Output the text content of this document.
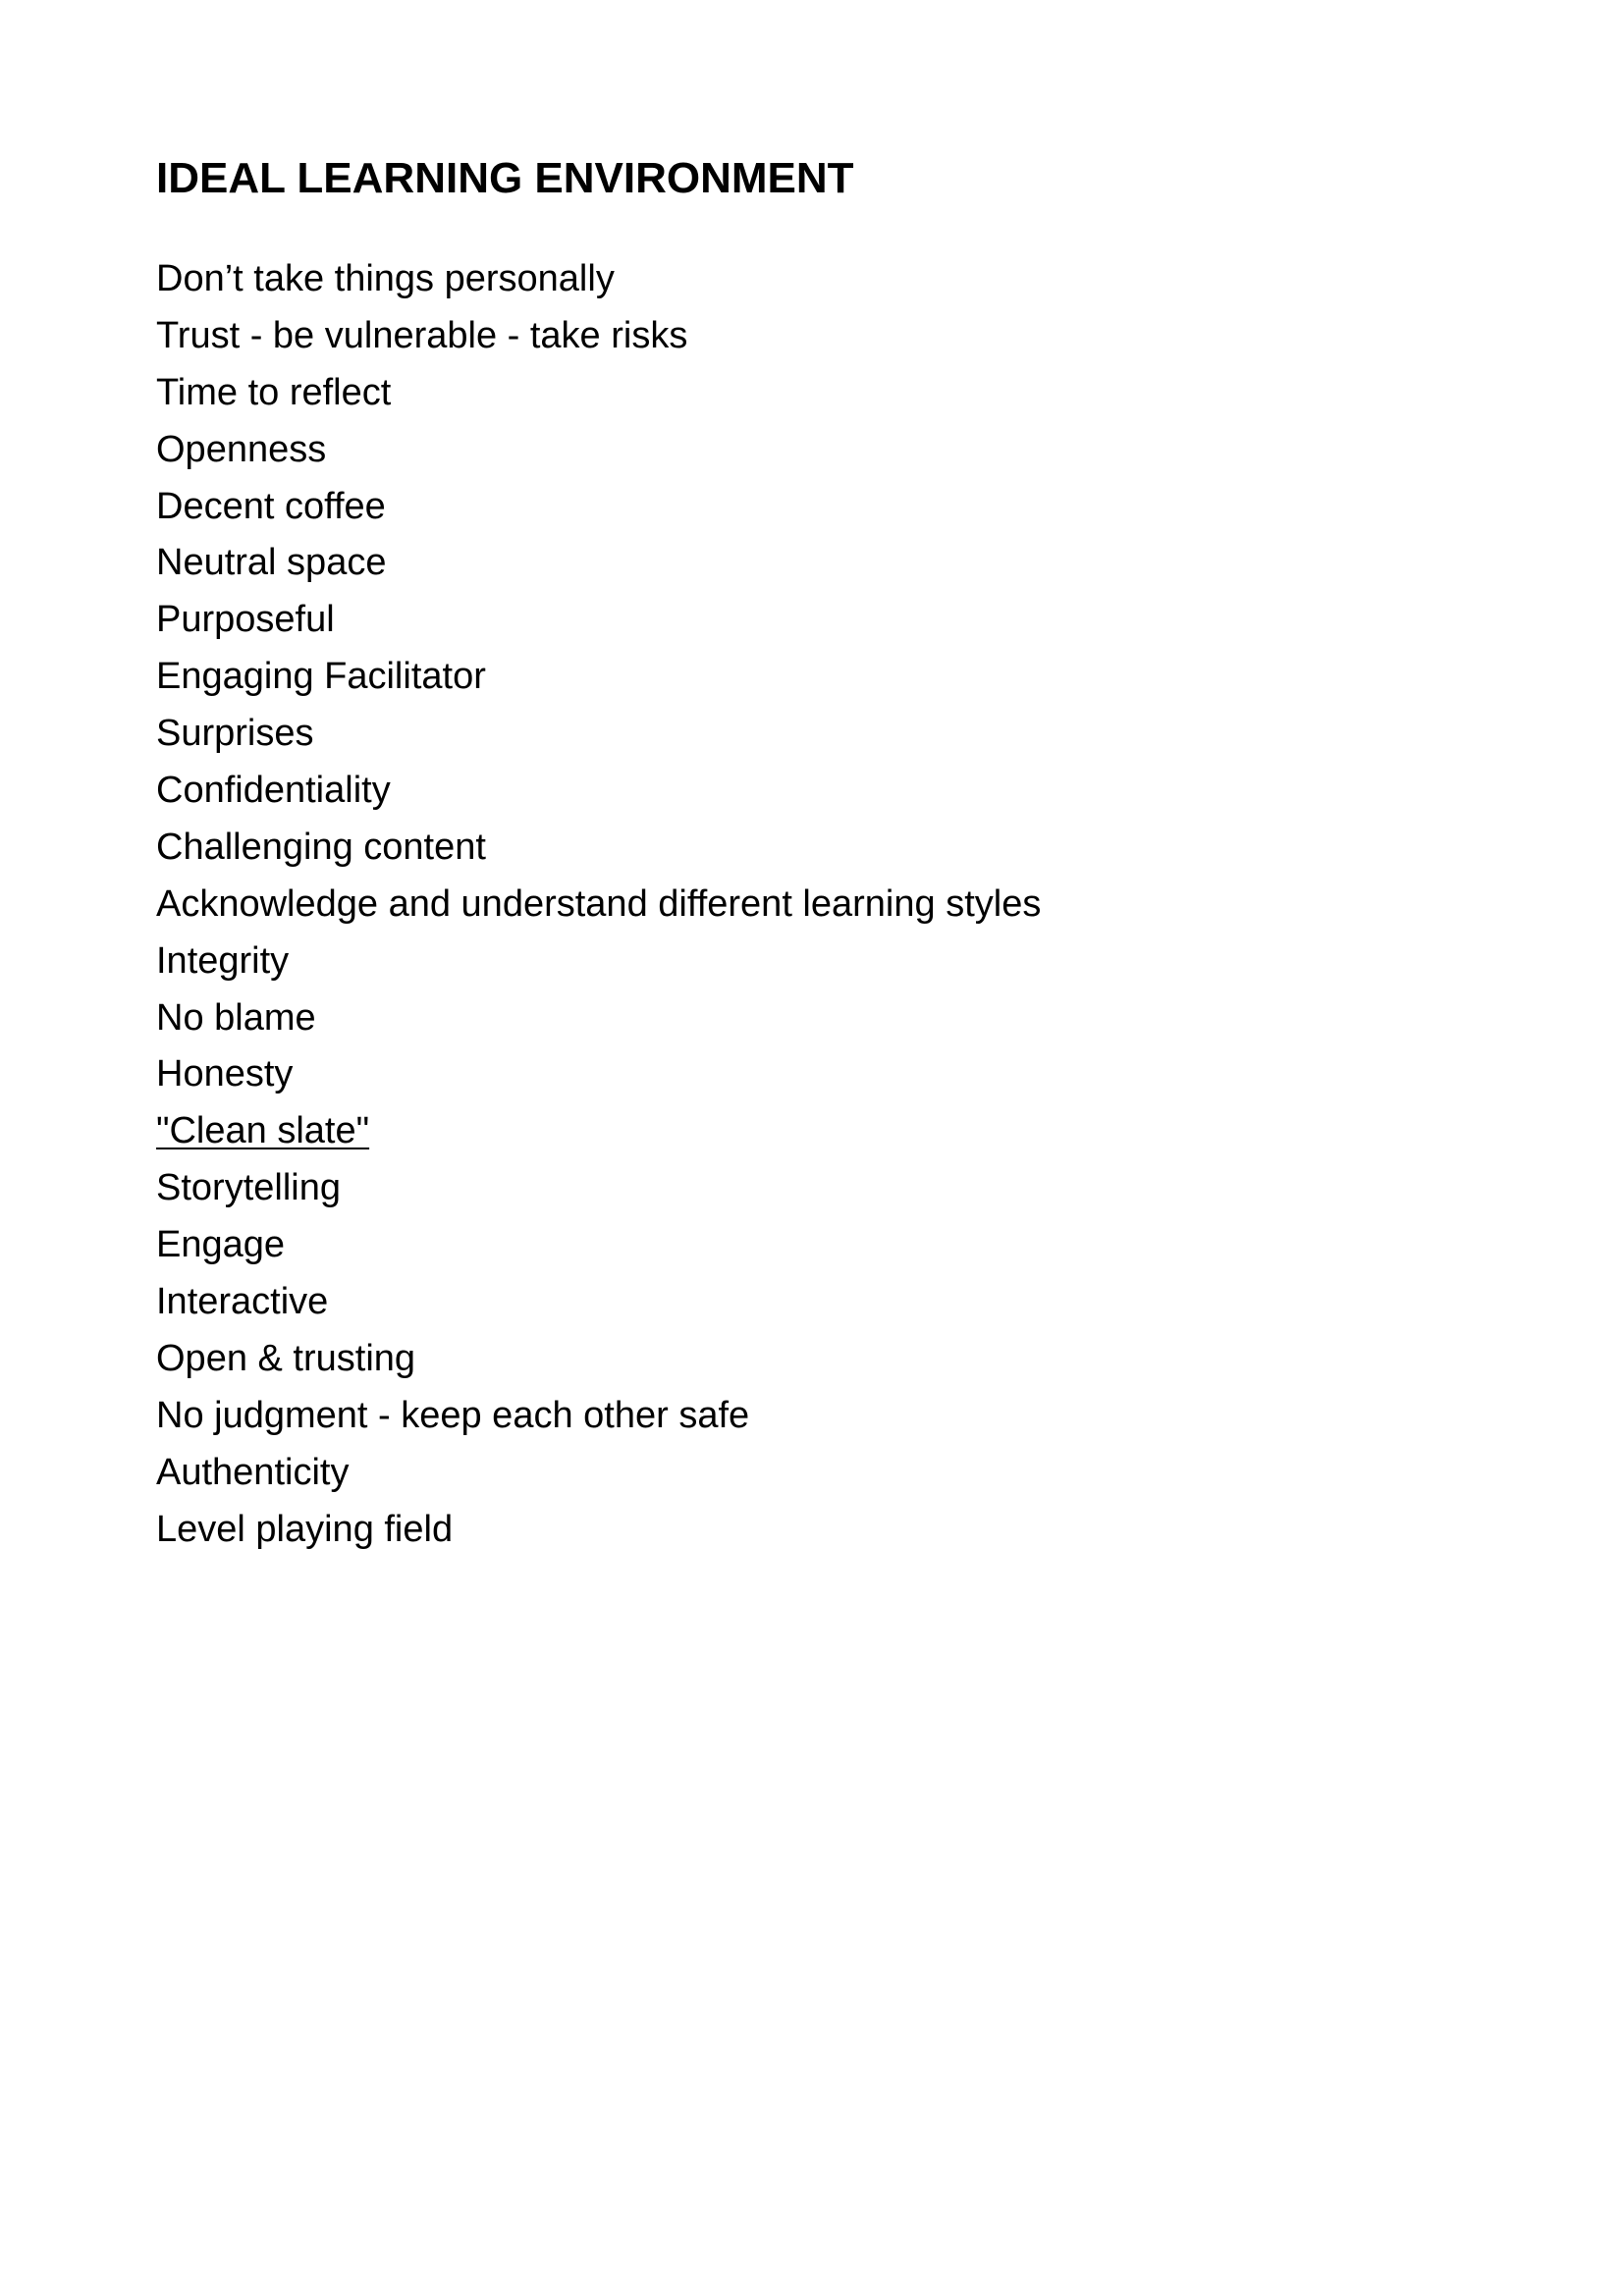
IDEAL LEARNING ENVIRONMENT
Don’t take things personally
Trust - be vulnerable - take risks
Time to reflect
Openness
Decent coffee
Neutral space
Purposeful
Engaging Facilitator
Surprises
Confidentiality
Challenging content
Acknowledge and understand different learning styles
Integrity
No blame
Honesty
"Clean slate"
Storytelling
Engage
Interactive
Open & trusting
No judgment - keep each other safe
Authenticity
Level playing field
